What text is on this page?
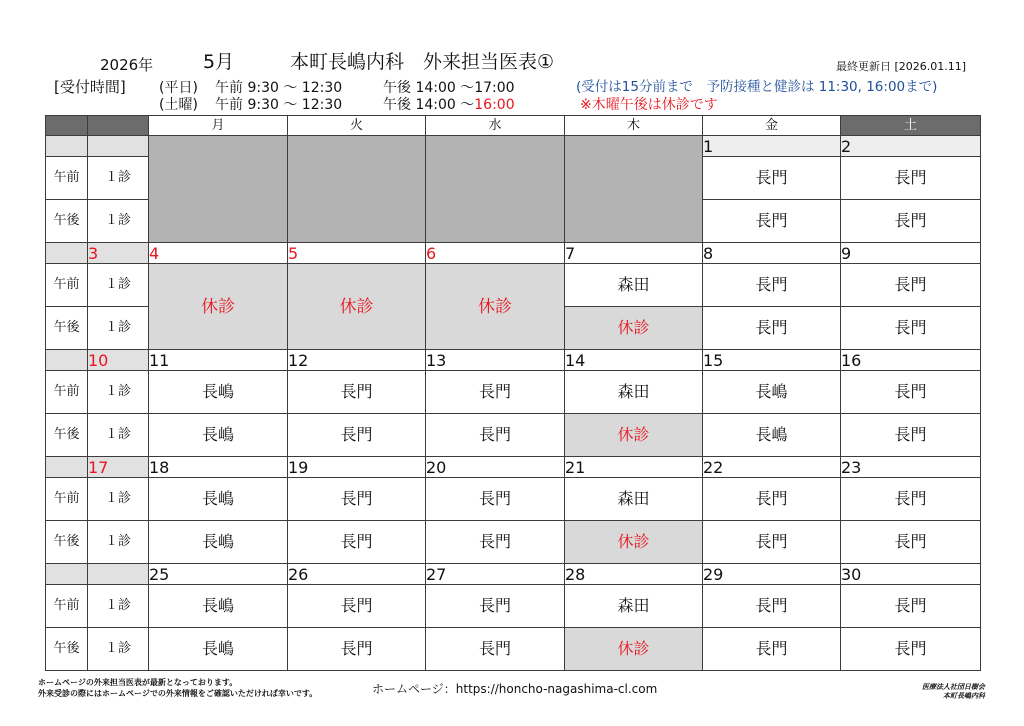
2026年	5月	本町長嶋内科　外来担当医表①	最終更新日 [2026.01.11]
[受付時間] (平日) 午前 9:30 ～ 12:30	午後 14:00 ～17:00	(受付は15分前まで　予防接種と健診は 11:30, 16:00まで)
(土曜) 午前 9:30 ～ 12:30	午後 14:00 ～16:00	※木曜午後は休診です
		月	火	水	木	金	土
						1	2
午前	１診					長門	長門
午後	１診					長門	長門
	3	4	5	6	7	8	9
午前	１診	休診	休診	休診	森田	長門	長門
午後	１診				休診	長門	長門
	10	11	12	13	14	15	16
午前	１診	長嶋	長門	長門	森田	長嶋	長門
午後	１診	長嶋	長門	長門	休診	長嶋	長門
	17	18	19	20	21	22	23
午前	１診	長嶋	長門	長門	森田	長門	長門
午後	１診	長嶋	長門	長門	休診	長門	長門
		25	26	27	28	29	30
午前	１診	長嶋	長門	長門	森田	長門	長門
午後	１診	長嶋	長門	長門	休診	長門	長門
ホームページの外来担当医表が最新となっております。
外来受診の際にはホームページでの外来情報をご確認いただければ幸いです。	ホームページ：https://honcho-nagashima-cl.com	医療法人社団日樹会
本町長嶋内科
